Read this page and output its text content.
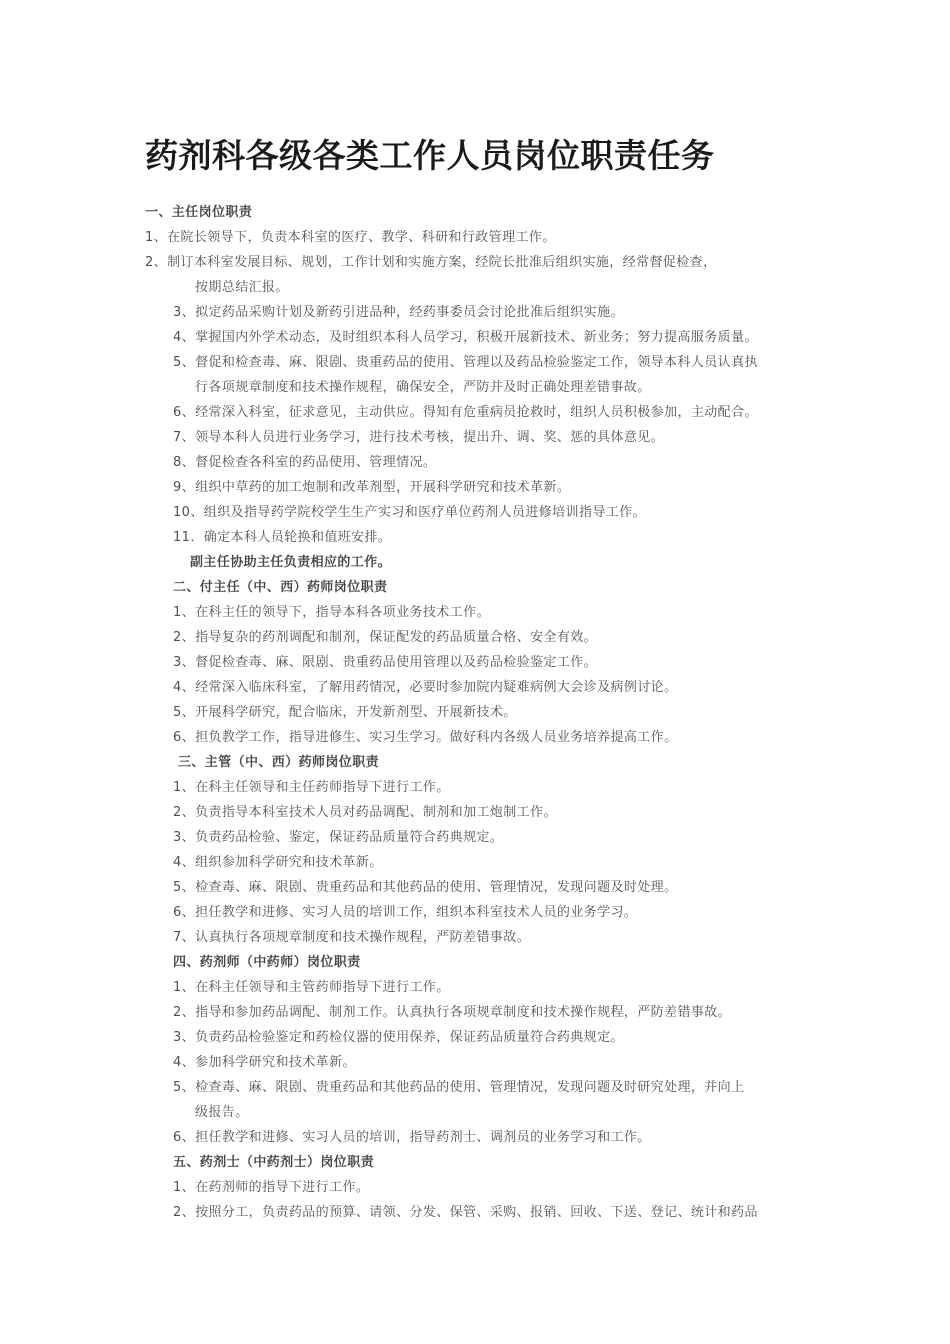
药剂科各级各类工作人员岗位职责任务
一、主任岗位职责
1、在院长领导下，负责本科室的医疗、教学、科研和行政管理工作。
2、制订本科室发展目标、规划，工作计划和实施方案，经院长批准后组织实施，经常督促检查，
按期总结汇报。
3、拟定药品采购计划及新药引进品种，经药事委员会讨论批准后组织实施。
4、掌握国内外学术动态，及时组织本科人员学习，积极开展新技术、新业务；努力提高服务质量。
5、督促和检查毒、麻、限剧、贵重药品的使用、管理以及药品检验鉴定工作，领导本科人员认真执
行各项规章制度和技术操作规程，确保安全，严防并及时正确处理差错事故。
6、经常深入科室，征求意见，主动供应。得知有危重病员抢救时，组织人员积极参加，主动配合。
7、领导本科人员进行业务学习，进行技术考核，提出升、调、奖、惩的具体意见。
8、督促检查各科室的药品使用、管理情况。
9、组织中草药的加工炮制和改革剂型，开展科学研究和技术革新。
10、组织及指导药学院校学生生产实习和医疗单位药剂人员进修培训指导工作。
11．确定本科人员轮换和值班安排。
副主任协助主任负责相应的工作。
二、付主任（中、西）药师岗位职责
1、在科主任的领导下，指导本科各项业务技术工作。
2、指导复杂的药剂调配和制剂，保证配发的药品质量合格、安全有效。
3、督促检查毒、麻、限剧、贵重药品使用管理以及药品检验鉴定工作。
4、经常深入临床科室，了解用药情况，必要时参加院内疑难病例大会诊及病例讨论。
5、开展科学研究，配合临床，开发新剂型、开展新技术。
6、担负教学工作，指导进修生、实习生学习。做好科内各级人员业务培养提高工作。
三、主管（中、西）药师岗位职责
1、在科主任领导和主任药师指导下进行工作。
2、负责指导本科室技术人员对药品调配、制剂和加工炮制工作。
3、负责药品检验、鉴定，保证药品质量符合药典规定。
4、组织参加科学研究和技术革新。
5、检查毒、麻、限剧、贵重药品和其他药品的使用、管理情况，发现问题及时处理。
6、担任教学和进修、实习人员的培训工作，组织本科室技术人员的业务学习。
7、认真执行各项规章制度和技术操作规程，严防差错事故。
四、药剂师（中药师）岗位职责
1、在科主任领导和主管药师指导下进行工作。
2、指导和参加药品调配、制剂工作。认真执行各项规章制度和技术操作规程，严防差错事故。
3、负责药品检验鉴定和药检仪器的使用保养，保证药品质量符合药典规定。
4、参加科学研究和技术革新。
5、检查毒、麻、限剧、贵重药品和其他药品的使用、管理情况，发现问题及时研究处理，并向上
级报告。
6、担任教学和进修、实习人员的培训，指导药剂士、调剂员的业务学习和工作。
五、药剂士（中药剂士）岗位职责
1、在药剂师的指导下进行工作。
2、按照分工，负责药品的预算、请领、分发、保管、采购、报销、回收、下送、登记、统计和药品
